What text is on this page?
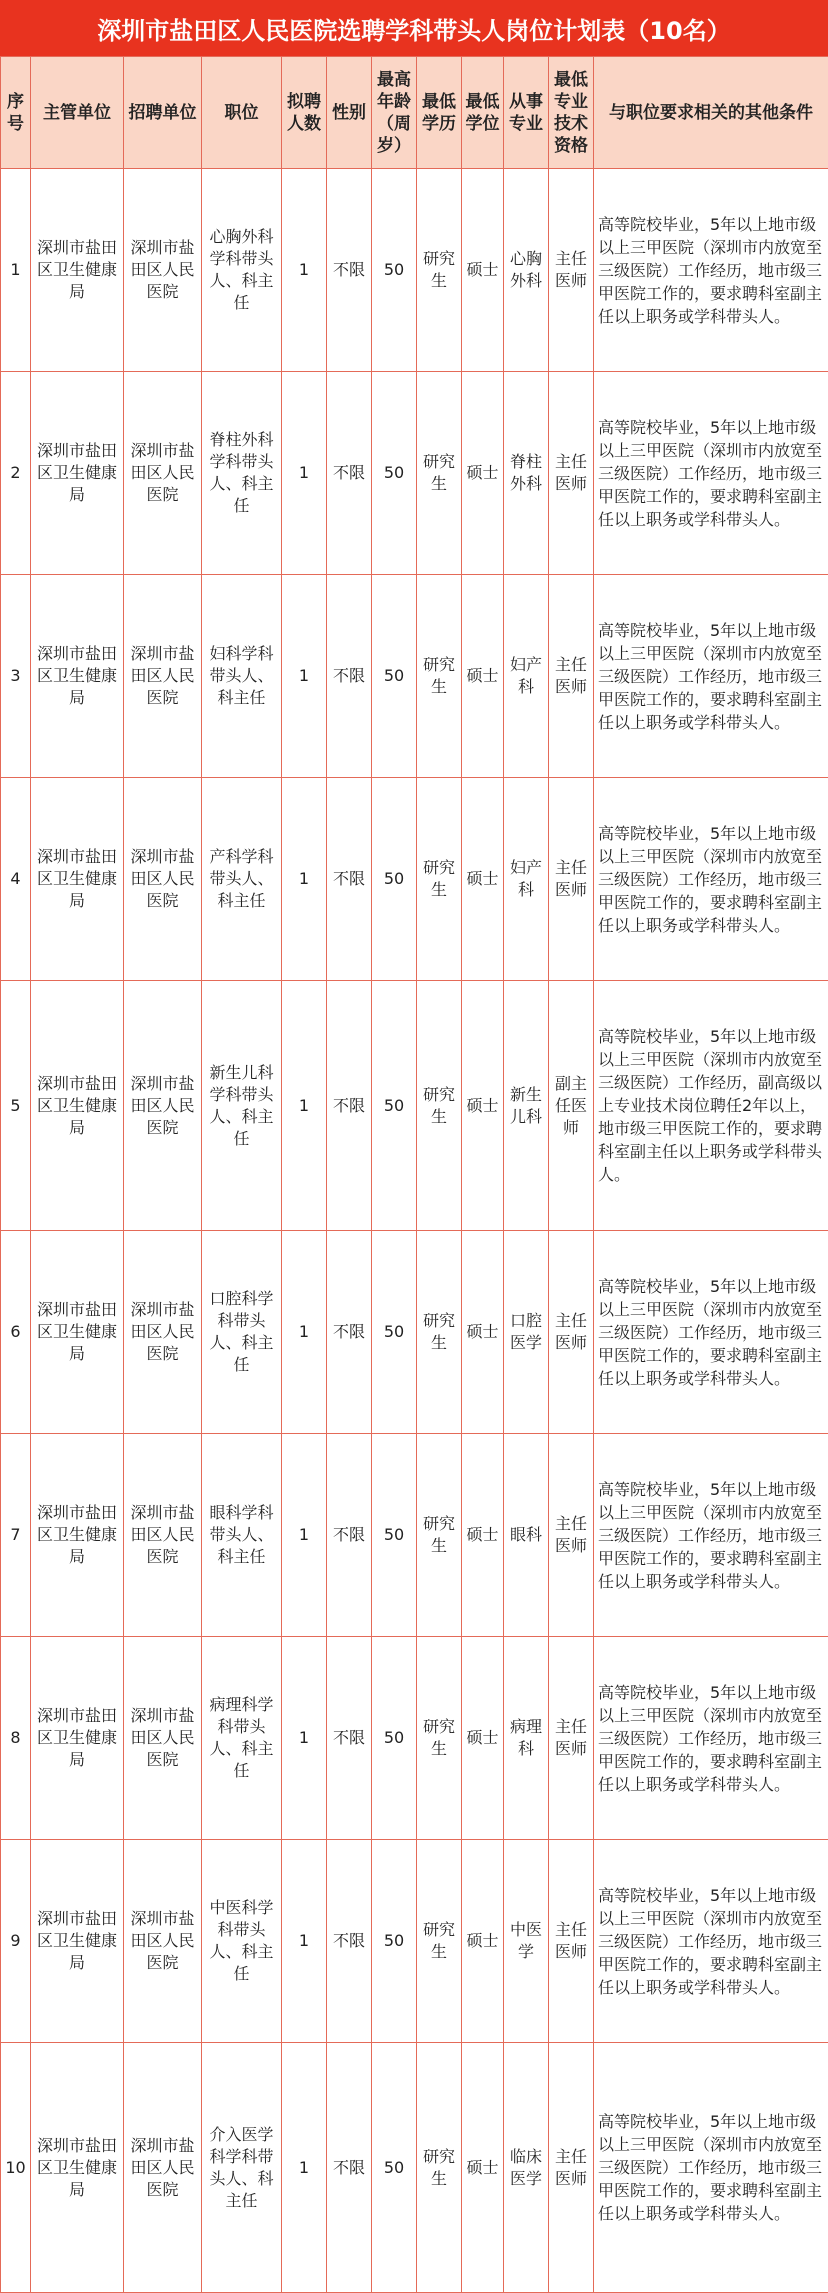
深圳市盐田区人民医院选聘学科带头人岗位计划表（10名）
序号	主管单位	招聘单位	职位	拟聘人数	性别	最高年龄（周岁）	最低学历	最低学位	从事专业	最低专业技术资格	与职位要求相关的其他条件
1	深圳市盐田区卫生健康局	深圳市盐田区人民医院	心胸外科学科带头人、科主任	1	不限	50	研究生	硕士	心胸外科	主任医师	高等院校毕业，5年以上地市级以上三甲医院（深圳市内放宽至三级医院）工作经历，地市级三甲医院工作的，要求聘科室副主任以上职务或学科带头人。
2	深圳市盐田区卫生健康局	深圳市盐田区人民医院	脊柱外科学科带头人、科主任	1	不限	50	研究生	硕士	脊柱外科	主任医师	高等院校毕业，5年以上地市级以上三甲医院（深圳市内放宽至三级医院）工作经历，地市级三甲医院工作的，要求聘科室副主任以上职务或学科带头人。
3	深圳市盐田区卫生健康局	深圳市盐田区人民医院	妇科学科带头人、科主任	1	不限	50	研究生	硕士	妇产科	主任医师	高等院校毕业，5年以上地市级以上三甲医院（深圳市内放宽至三级医院）工作经历，地市级三甲医院工作的，要求聘科室副主任以上职务或学科带头人。
4	深圳市盐田区卫生健康局	深圳市盐田区人民医院	产科学科带头人、科主任	1	不限	50	研究生	硕士	妇产科	主任医师	高等院校毕业，5年以上地市级以上三甲医院（深圳市内放宽至三级医院）工作经历，地市级三甲医院工作的，要求聘科室副主任以上职务或学科带头人。
5	深圳市盐田区卫生健康局	深圳市盐田区人民医院	新生儿科学科带头人、科主任	1	不限	50	研究生	硕士	新生儿科	副主任医师	高等院校毕业，5年以上地市级以上三甲医院（深圳市内放宽至三级医院）工作经历，副高级以上专业技术岗位聘任2年以上，地市级三甲医院工作的，要求聘科室副主任以上职务或学科带头人。
6	深圳市盐田区卫生健康局	深圳市盐田区人民医院	口腔科学科带头人、科主任	1	不限	50	研究生	硕士	口腔医学	主任医师	高等院校毕业，5年以上地市级以上三甲医院（深圳市内放宽至三级医院）工作经历，地市级三甲医院工作的，要求聘科室副主任以上职务或学科带头人。
7	深圳市盐田区卫生健康局	深圳市盐田区人民医院	眼科学科带头人、科主任	1	不限	50	研究生	硕士	眼科	主任医师	高等院校毕业，5年以上地市级以上三甲医院（深圳市内放宽至三级医院）工作经历，地市级三甲医院工作的，要求聘科室副主任以上职务或学科带头人。
8	深圳市盐田区卫生健康局	深圳市盐田区人民医院	病理科学科带头人、科主任	1	不限	50	研究生	硕士	病理科	主任医师	高等院校毕业，5年以上地市级以上三甲医院（深圳市内放宽至三级医院）工作经历，地市级三甲医院工作的，要求聘科室副主任以上职务或学科带头人。
9	深圳市盐田区卫生健康局	深圳市盐田区人民医院	中医科学科带头人、科主任	1	不限	50	研究生	硕士	中医学	主任医师	高等院校毕业，5年以上地市级以上三甲医院（深圳市内放宽至三级医院）工作经历，地市级三甲医院工作的，要求聘科室副主任以上职务或学科带头人。
10	深圳市盐田区卫生健康局	深圳市盐田区人民医院	介入医学科学科带头人、科主任	1	不限	50	研究生	硕士	临床医学	主任医师	高等院校毕业，5年以上地市级以上三甲医院（深圳市内放宽至三级医院）工作经历，地市级三甲医院工作的，要求聘科室副主任以上职务或学科带头人。
